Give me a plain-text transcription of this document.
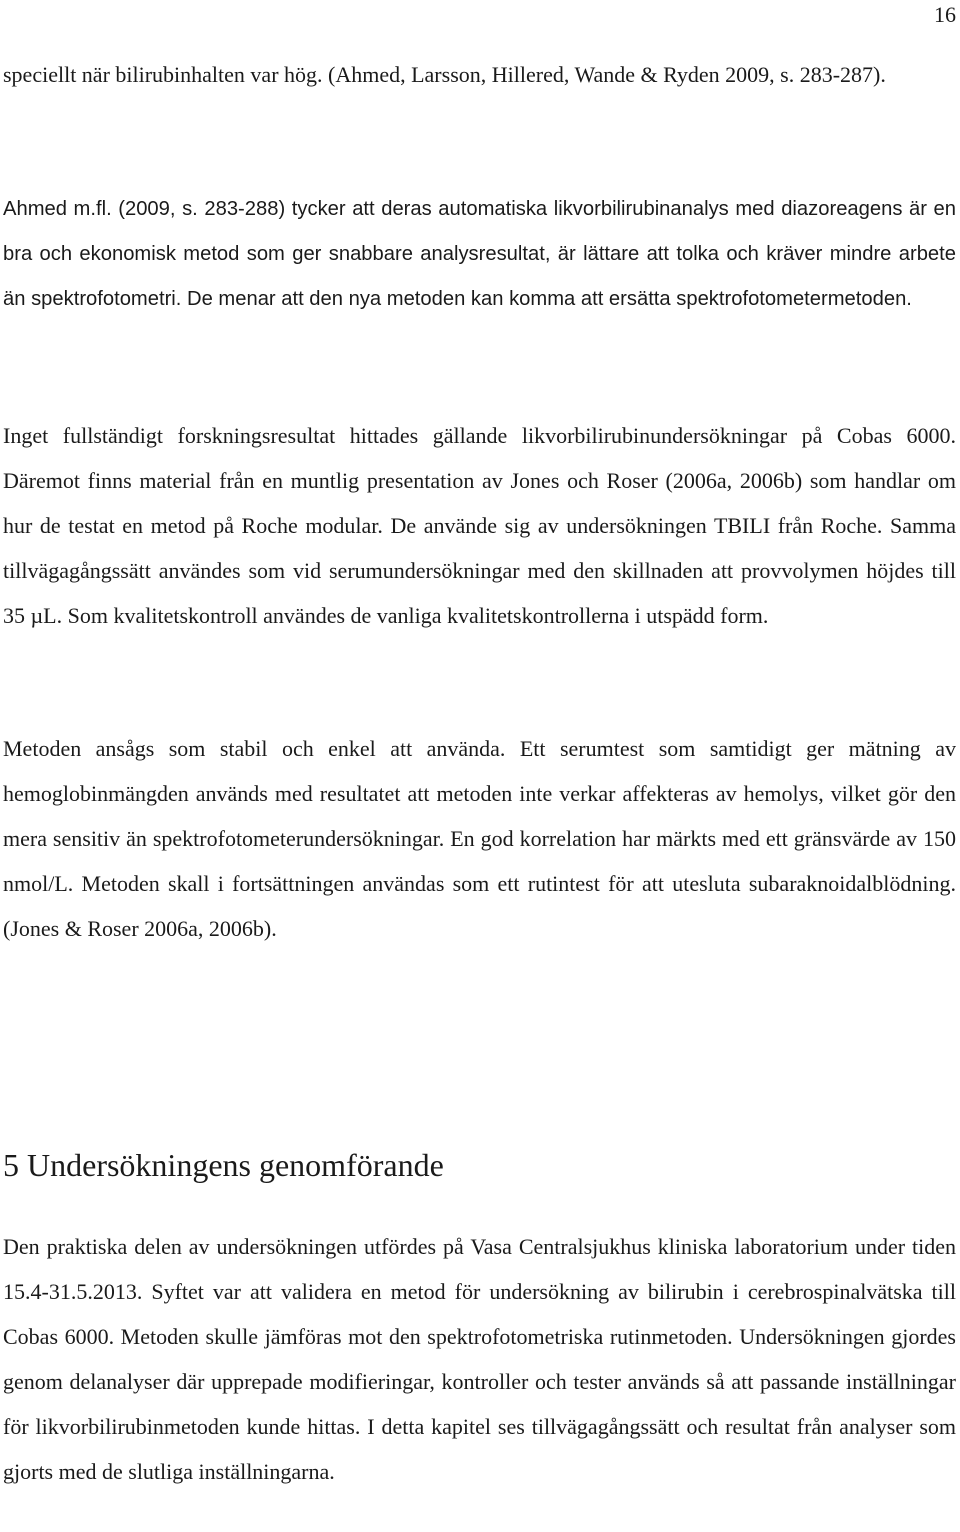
16

speciellt när bilirubinhalten var hög. (Ahmed, Larsson, Hillered, Wande & Ryden 2009, s. 283-287).

Ahmed m.fl. (2009, s. 283-288) tycker att deras automatiska likvorbilirubinanalys med diazoreagens är en bra och ekonomisk metod som ger snabbare analysresultat, är lättare att tolka och kräver mindre arbete än spektrofotometri. De menar att den nya metoden kan komma att ersätta spektrofotometermetoden.

Inget fullständigt forskningsresultat hittades gällande likvorbilirubinundersökningar på Cobas 6000. Däremot finns material från en muntlig presentation av Jones och Roser (2006a, 2006b) som handlar om hur de testat en metod på Roche modular. De använde sig av undersökningen TBILI från Roche. Samma tillvägagångssätt användes som vid serumundersökningar med den skillnaden att provvolymen höjdes till 35 µL. Som kvalitetskontroll användes de vanliga kvalitetskontrollerna i utspädd form.

Metoden ansågs som stabil och enkel att använda. Ett serumtest som samtidigt ger mätning av hemoglobinmängden används med resultatet att metoden inte verkar affekteras av hemolys, vilket gör den mera sensitiv än spektrofotometerundersökningar. En god korrelation har märkts med ett gränsvärde av 150 nmol/L. Metoden skall i fortsättningen användas som ett rutintest för att utesluta subaraknoidalblödning. (Jones & Roser 2006a, 2006b).

5 Undersökningens genomförande

Den praktiska delen av undersökningen utfördes på Vasa Centralsjukhus kliniska laboratorium under tiden 15.4-31.5.2013. Syftet var att validera en metod för undersökning av bilirubin i cerebrospinalvätska till Cobas 6000. Metoden skulle jämföras mot den spektrofotometriska rutinmetoden. Undersökningen gjordes genom delanalyser där upprepade modifieringar, kontroller och tester används så att passande inställningar för likvorbilirubinmetoden kunde hittas. I detta kapitel ses tillvägagångssätt och resultat från analyser som gjorts med de slutliga inställningarna.
